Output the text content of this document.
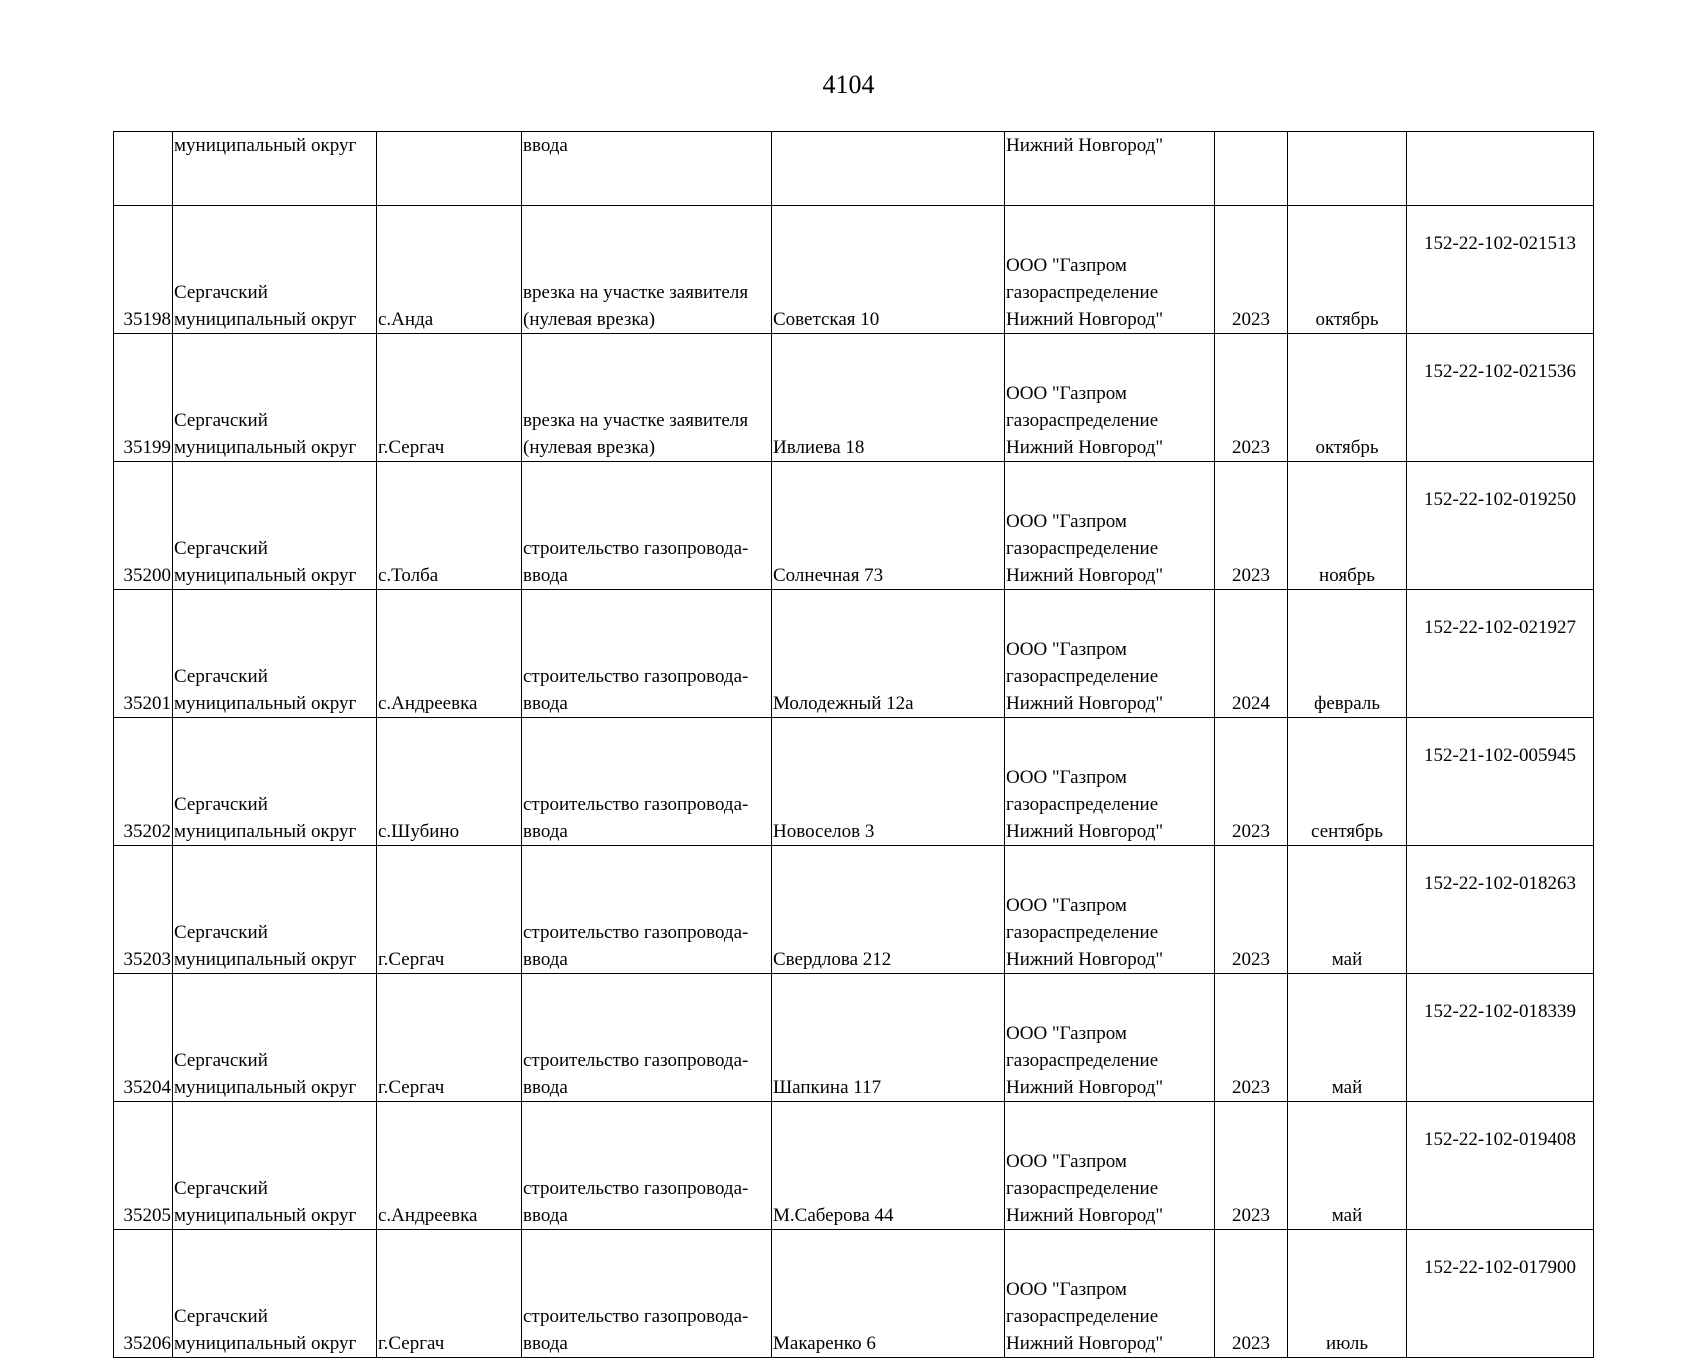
4104
	муниципальный округ		ввода		Нижний Новгород"			
35198	Сергачский
муниципальный округ	с.Анда	врезка на участке заявителя
(нулевая врезка)	Советская 10	ООО "Газпром
газораспределение
Нижний Новгород"	2023	октябрь	152-22-102-021513
35199	Сергачский
муниципальный округ	г.Сергач	врезка на участке заявителя
(нулевая врезка)	Ивлиева 18	ООО "Газпром
газораспределение
Нижний Новгород"	2023	октябрь	152-22-102-021536
35200	Сергачский
муниципальный округ	с.Толба	строительство газопровода-
ввода	Солнечная 73	ООО "Газпром
газораспределение
Нижний Новгород"	2023	ноябрь	152-22-102-019250
35201	Сергачский
муниципальный округ	с.Андреевка	строительство газопровода-
ввода	Молодежный 12а	ООО "Газпром
газораспределение
Нижний Новгород"	2024	февраль	152-22-102-021927
35202	Сергачский
муниципальный округ	с.Шубино	строительство газопровода-
ввода	Новоселов 3	ООО "Газпром
газораспределение
Нижний Новгород"	2023	сентябрь	152-21-102-005945
35203	Сергачский
муниципальный округ	г.Сергач	строительство газопровода-
ввода	Свердлова 212	ООО "Газпром
газораспределение
Нижний Новгород"	2023	май	152-22-102-018263
35204	Сергачский
муниципальный округ	г.Сергач	строительство газопровода-
ввода	Шапкина 117	ООО "Газпром
газораспределение
Нижний Новгород"	2023	май	152-22-102-018339
35205	Сергачский
муниципальный округ	с.Андреевка	строительство газопровода-
ввода	М.Саберова 44	ООО "Газпром
газораспределение
Нижний Новгород"	2023	май	152-22-102-019408
35206	Сергачский
муниципальный округ	г.Сергач	строительство газопровода-
ввода	Макаренко 6	ООО "Газпром
газораспределение
Нижний Новгород"	2023	июль	152-22-102-017900
